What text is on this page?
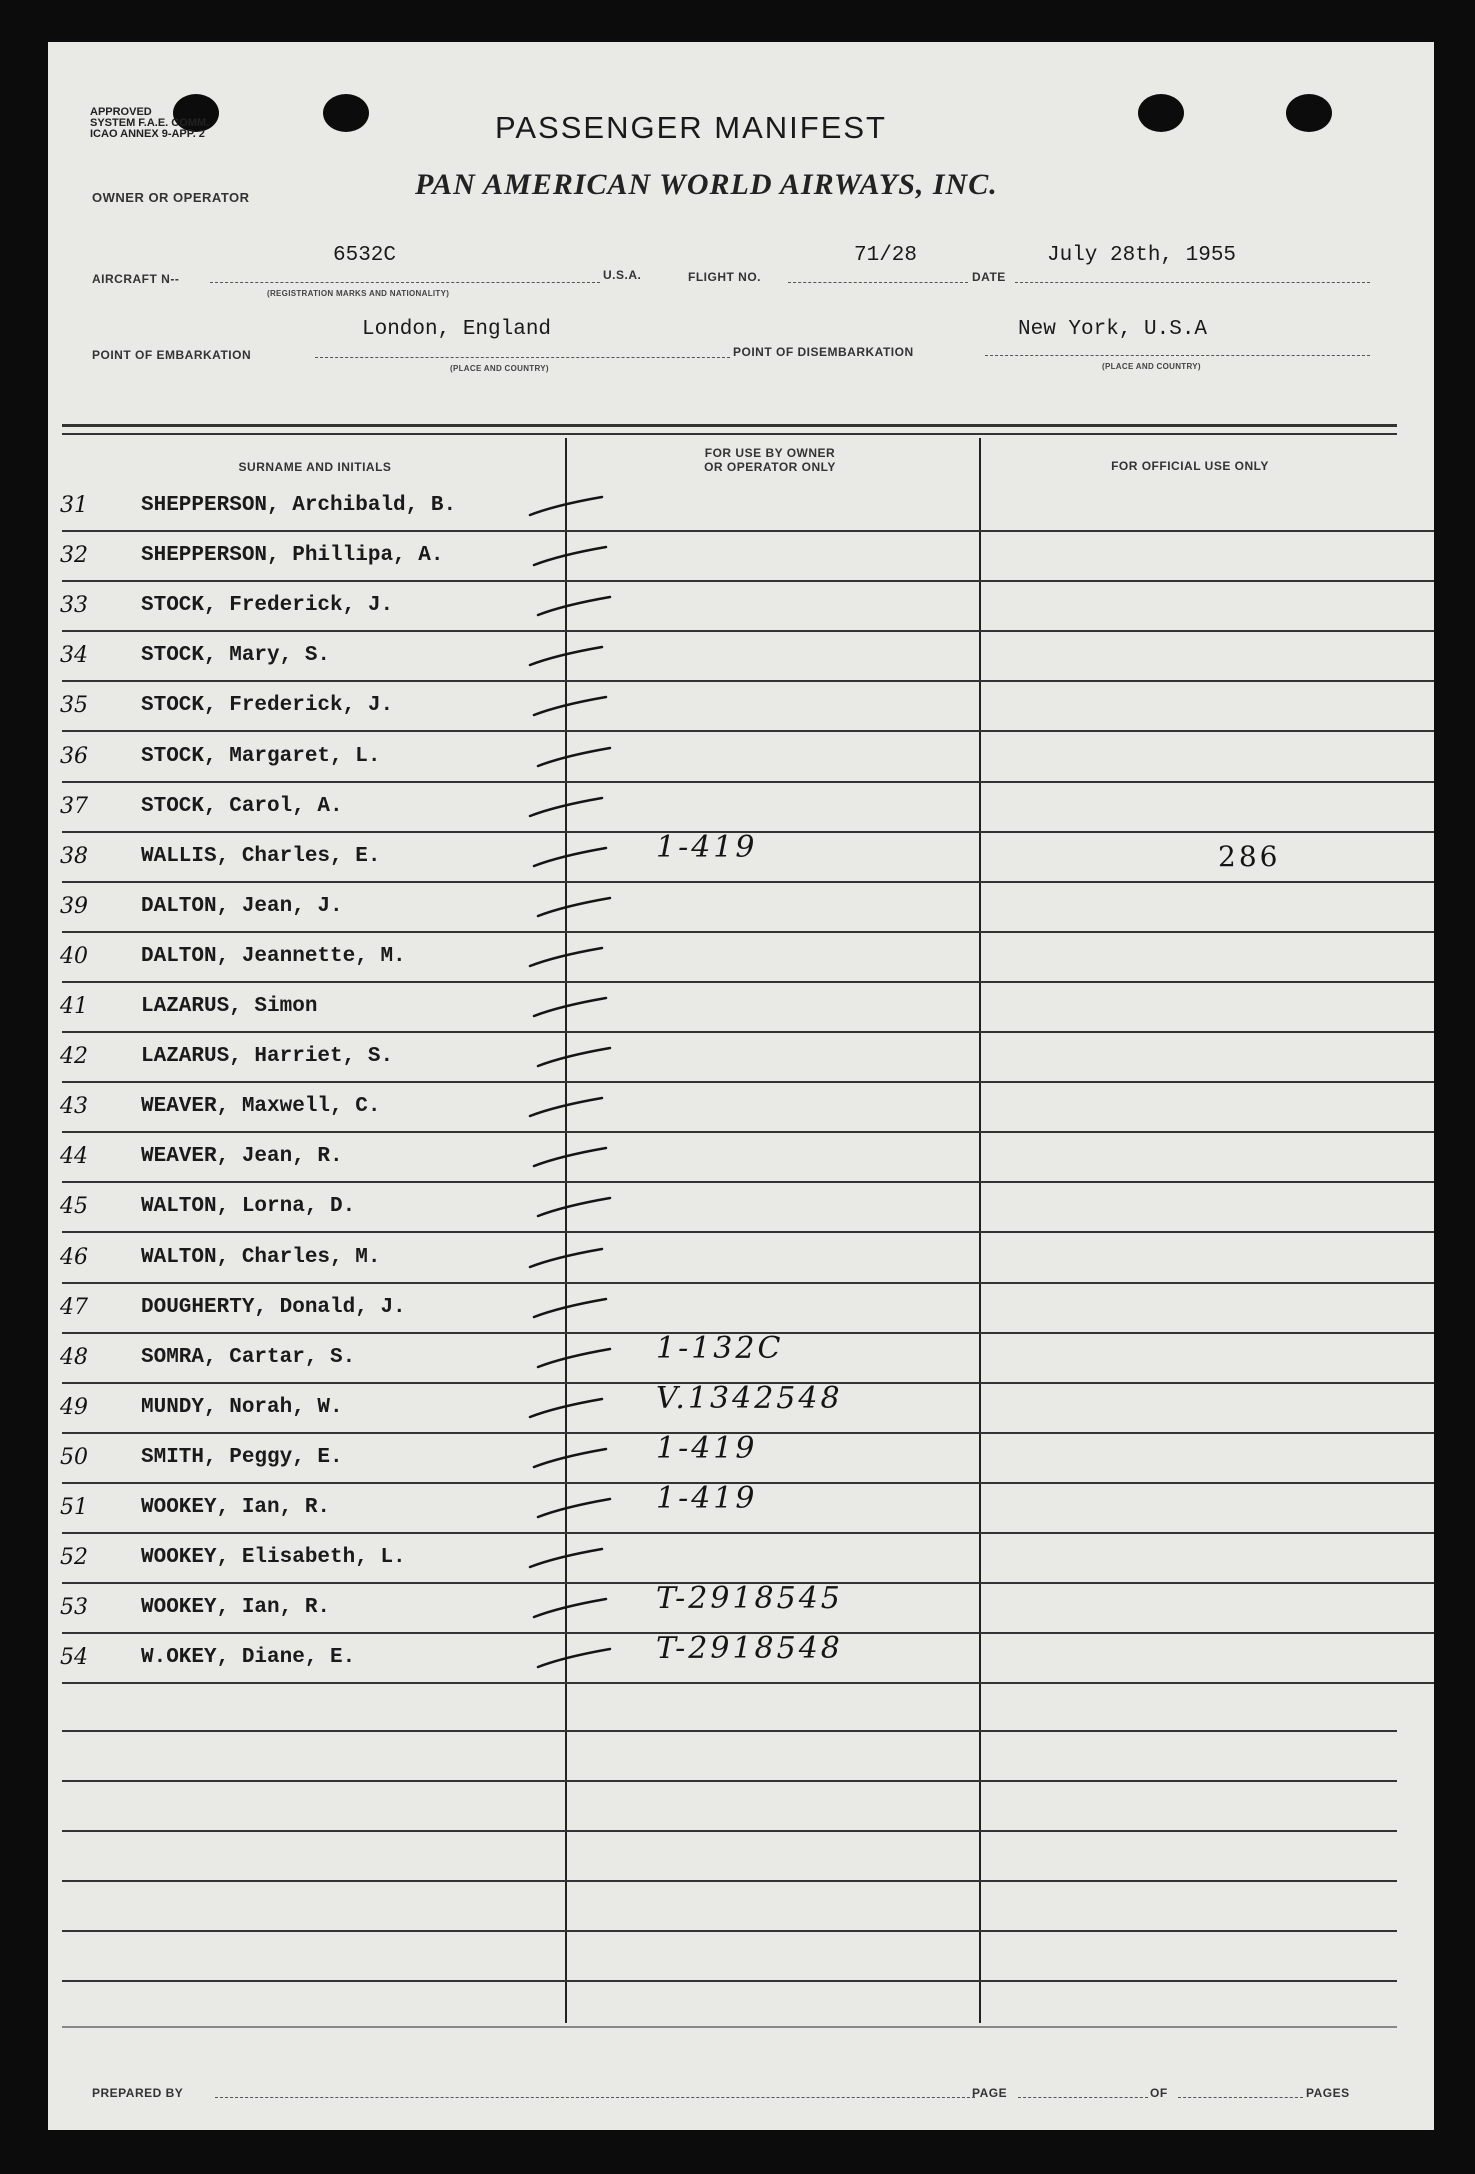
APPROVED
SYSTEM F.A.E. COMM.
ICAO ANNEX 9-APP. 2	PASSENGER MANIFEST
OWNER OR OPERATOR	PAN AMERICAN WORLD AIRWAYS, INC.
AIRCRAFT N--
6532C
(REGISTRATION MARKS AND NATIONALITY)
U.S.A.	FLIGHT NO.
71/28
DATE
July 28th, 1955
POINT OF EMBARKATION
London, England
(PLACE AND COUNTRY)
POINT OF DISEMBARKATION
New York, U.S.A
(PLACE AND COUNTRY)
SURNAME AND INITIALS
FOR USE BY OWNER
OR OPERATOR ONLY	FOR OFFICIAL USE ONLY
31	SHEPPERSON, Archibald, B.
32	SHEPPERSON, Phillipa, A.
33	STOCK, Frederick, J.
34	STOCK, Mary, S.
35	STOCK, Frederick, J.
36	STOCK, Margaret, L.
37	STOCK, Carol, A.
38	WALLIS, Charles, E.	1-419	286
39	DALTON, Jean, J.
40	DALTON, Jeannette, M.
41	LAZARUS, Simon
42	LAZARUS, Harriet, S.
43	WEAVER, Maxwell, C.
44	WEAVER, Jean, R.
45	WALTON, Lorna, D.
46	WALTON, Charles, M.
47	DOUGHERTY, Donald, J.
48	SOMRA, Cartar, S.	1-132C
49	MUNDY, Norah, W.	V.1342548
50	SMITH, Peggy, E.	1-419
51	WOOKEY, Ian, R.	1-419
52	WOOKEY, Elisabeth, L.
53	WOOKEY, Ian, R.	T-2918545
54	W.OKEY, Diane, E.	T-2918548
PREPARED BY	PAGE	OF	PAGES
